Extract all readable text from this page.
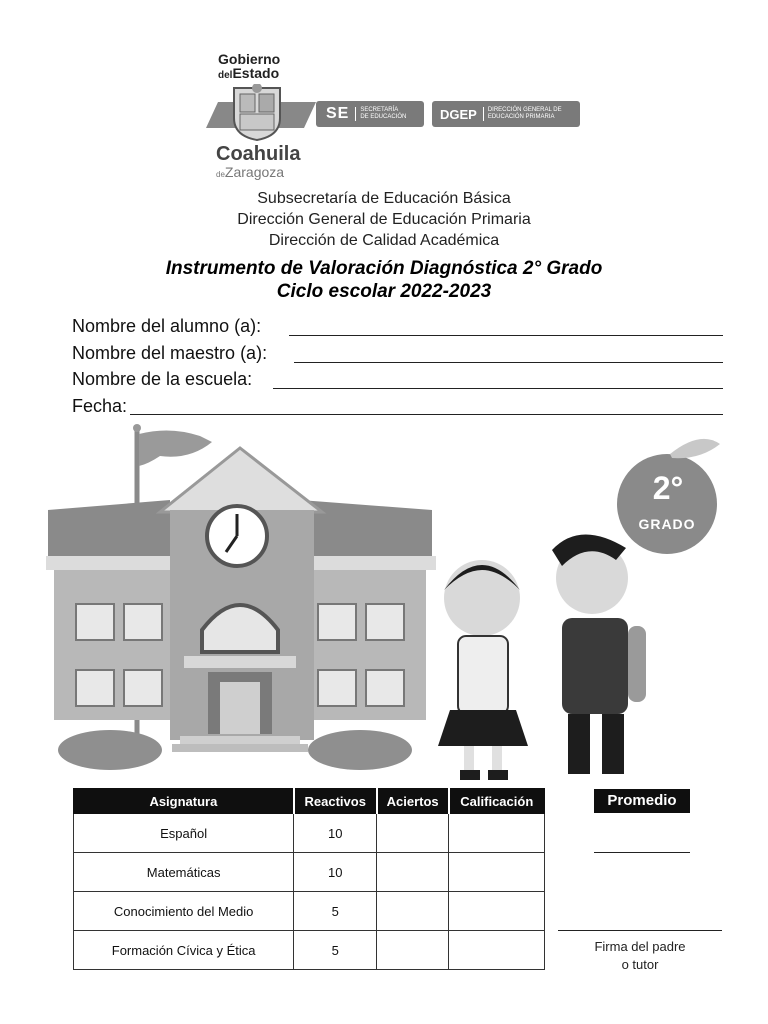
Gobierno
delEstado
SE	SECRETARÍA
DE EDUCACIÓN	DGEP	DIRECCIÓN GENERAL DE
EDUCACIÓN PRIMARIA
Coahuila
deZaragoza
Subsecretaría de Educación Básica
Dirección General de Educación Primaria
Dirección de Calidad Académica
Instrumento de Valoración Diagnóstica 2° Grado
Ciclo escolar 2022-2023
Nombre del alumno (a):
Nombre del maestro (a):
Nombre de la escuela:
Fecha:
2°
GRADO
Asignatura	Reactivos	Aciertos	Calificación
Español	10		
Matemáticas	10		
Conocimiento del Medio	5		
Formación Cívica y Ética	5		
Promedio
Firma del padre
o tutor
